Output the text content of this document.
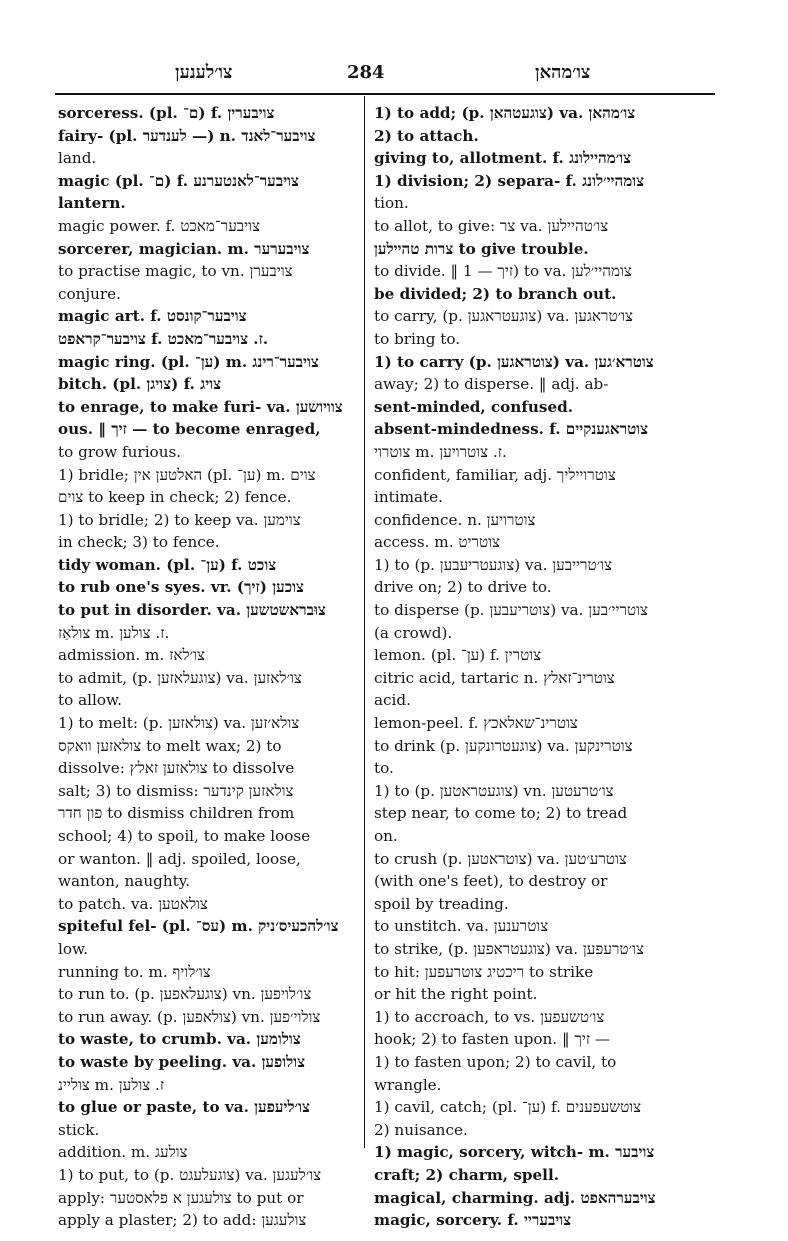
צו׳לענען	284	צו׳מהאן
sorceress. (pl. ם־) f. צויבערין
fairy- (pl. לענדער —) n. צויבער־לאנד
land.
magic (pl. ם־) f. צויבער־לאנטערנע
lantern.
magic power. f. צויבער־מאכט
sorcerer, magician. m. צויבערער
to practise magic, to vn. צויבערן
conjure.
magic art. f. צויבער־קונסט
צויבער־קראפט f. ז. צויבער־מאכט.
magic ring. (pl. ען־) m. צויבער־רינג
bitch. (pl. צויגן) f. צויג
to enrage, to make furi- va. צוויושען
ous. ‖ זיך — to become enraged,
to grow furious.
1) bridle; האלטען אין (pl. ען־) m. צוים
צוים to keep in check; 2) fence.
1) to bridle; 2) to keep va. צוימען
in check; 3) to fence.
tidy woman. (pl. ען־) f. צוכט
to rub one's syes. vr. (זיך) צוכען
to put in disorder. va. צוּבראשטשען
צולאַז m. ז. צולען.
admission. m. צו׳לאז
to admit, (p. צוגעלאזען) va. צו׳לאזען
to allow.
1) to melt: (p. צולאזען) va. צולא׳זען
צולאזען וואקס to melt wax; 2) to
dissolve: צולאזען זאלץ to dissolve
salt; 3) to dismiss: צולאזען קינדער
פון חדר to dismiss children from
school; 4) to spoil, to make loose
or wanton. ‖ adj. spoiled, loose,
wanton, naughty.
to patch. va. צולאטען
spiteful fel- (pl. עס־) m. צו׳להכעיס׳ניק
low.
running to. m. צו׳לויף
to run to. (p. צוגעלאפען) vn. צו׳לויפען
to run away. (p. צולאפען) vn. צולוי׳פען
to waste, to crumb. va. צולומען
to waste by peeling. va. צולופען
צוליינ m. ז. צולען
to glue or paste, to va. צו׳ליעפען
stick.
addition. m. צולעג
1) to put, to (p. צוגעלעגט) va. צו׳לעגען
apply: צולעגען א פלאסטער to put or
apply a plaster; 2) to add: צולעגען
1) to add; (p. צוגעטהאן) va. צו׳מהאן
2) to attach.
giving to, allotment. f. צו׳מהיילונג
1) division; 2) separa- f. צומהיי׳לונג
tion.
to allot, to give: צר va. צו׳טהיילען
צרות טהיילען to give trouble.
to divide. ‖ זיך — 1) to va. צומהיי׳לען
be divided; 2) to branch out.
to carry, (p. צוגעטראגען) va. צו׳טראגען
to bring to.
1) to carry (p. צוטראגען) va. צוטרא׳גען
away; 2) to disperse. ‖ adj. ab-
sent-minded, confused.
absent-mindedness. f. צוטראגענקיים
צוטרוי m. ז. צוטרויען.
confident, familiar, adj. צוטרוייליך
intimate.
confidence. n. צוטרויען
access. m. צוטריט
1) to (p. צוגעטריעבען) va. צו׳טרייבען
drive on; 2) to drive to.
to disperse (p. צוטריעבען) va. צוטריי׳בען
(a crowd).
lemon. (pl. ען־) f. צוטרין
citric acid, tartaric n. צוטרינ־זאלץ
acid.
lemon-peel. f. צוטרינ־שאלאכץ
to drink (p. צוגעטרונקען) va. צוטרינקען
to.
1) to (p. צוגעטראטען) vn. צו׳טרעטען
step near, to come to; 2) to tread
on.
to crush (p. צוטראטען) va. צוטרע׳טען
(with one's feet), to destroy or
spoil by treading.
to unstitch. va. צוטרענען
to strike, (p. צוגעטראפען) va. צו׳טרעפען
to hit: ריכטיג צוטרעפען to strike
or hit the right point.
1) to accroach, to vs. צו׳טשעפען
hook; 2) to fasten upon. ‖ זיך —
1) to fasten upon; 2) to cavil, to
wrangle.
1) cavil, catch; (pl. ען־) f. צוטשעפענים
2) nuisance.
1) magic, sorcery, witch- m. צויבער
craft; 2) charm, spell.
magical, charming. adj. צויבערהאפט
magic, sorcery. f. צויבעריי
